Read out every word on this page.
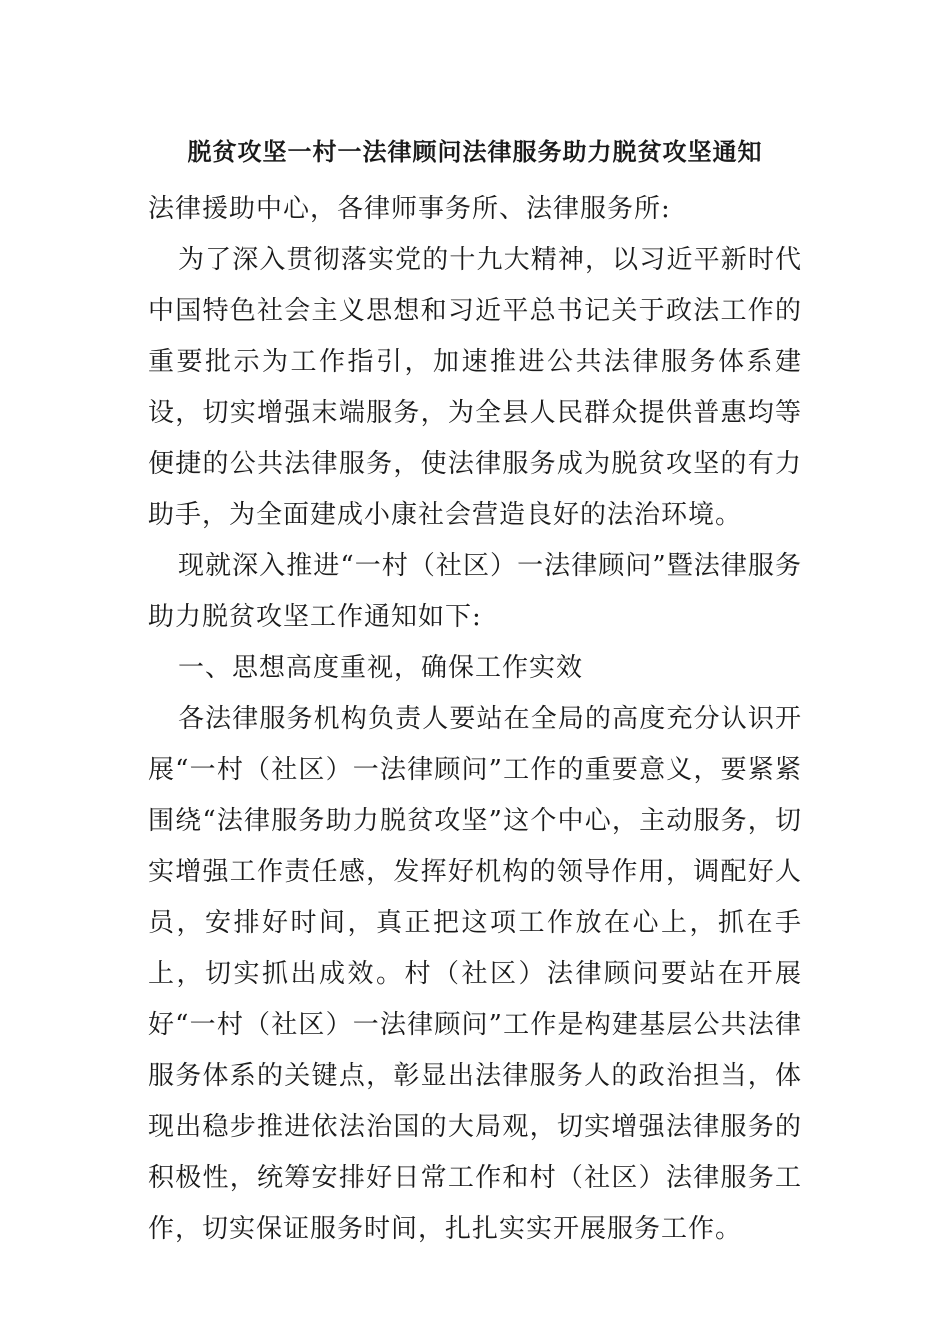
脱贫攻坚一村一法律顾问法律服务助力脱贫攻坚通知

法律援助中心，各律师事务所、法律服务所:

为了深入贯彻落实党的十九大精神，以习近平新时代中国特色社会主义思想和习近平总书记关于政法工作的重要批示为工作指引，加速推进公共法律服务体系建设，切实增强末端服务，为全县人民群众提供普惠均等便捷的公共法律服务，使法律服务成为脱贫攻坚的有力助手，为全面建成小康社会营造良好的法治环境。

现就深入推进“一村（社区）一法律顾问”暨法律服务助力脱贫攻坚工作通知如下:

一、思想高度重视，确保工作实效

各法律服务机构负责人要站在全局的高度充分认识开展“一村（社区）一法律顾问”工作的重要意义，要紧紧围绕“法律服务助力脱贫攻坚”这个中心，主动服务，切实增强工作责任感，发挥好机构的领导作用，调配好人员，安排好时间，真正把这项工作放在心上，抓在手上，切实抓出成效。村（社区）法律顾问要站在开展好“一村（社区）一法律顾问”工作是构建基层公共法律服务体系的关键点，彰显出法律服务人的政治担当，体现出稳步推进依法治国的大局观，切实增强法律服务的积极性，统筹安排好日常工作和村（社区）法律服务工作，切实保证服务时间，扎扎实实开展服务工作。
